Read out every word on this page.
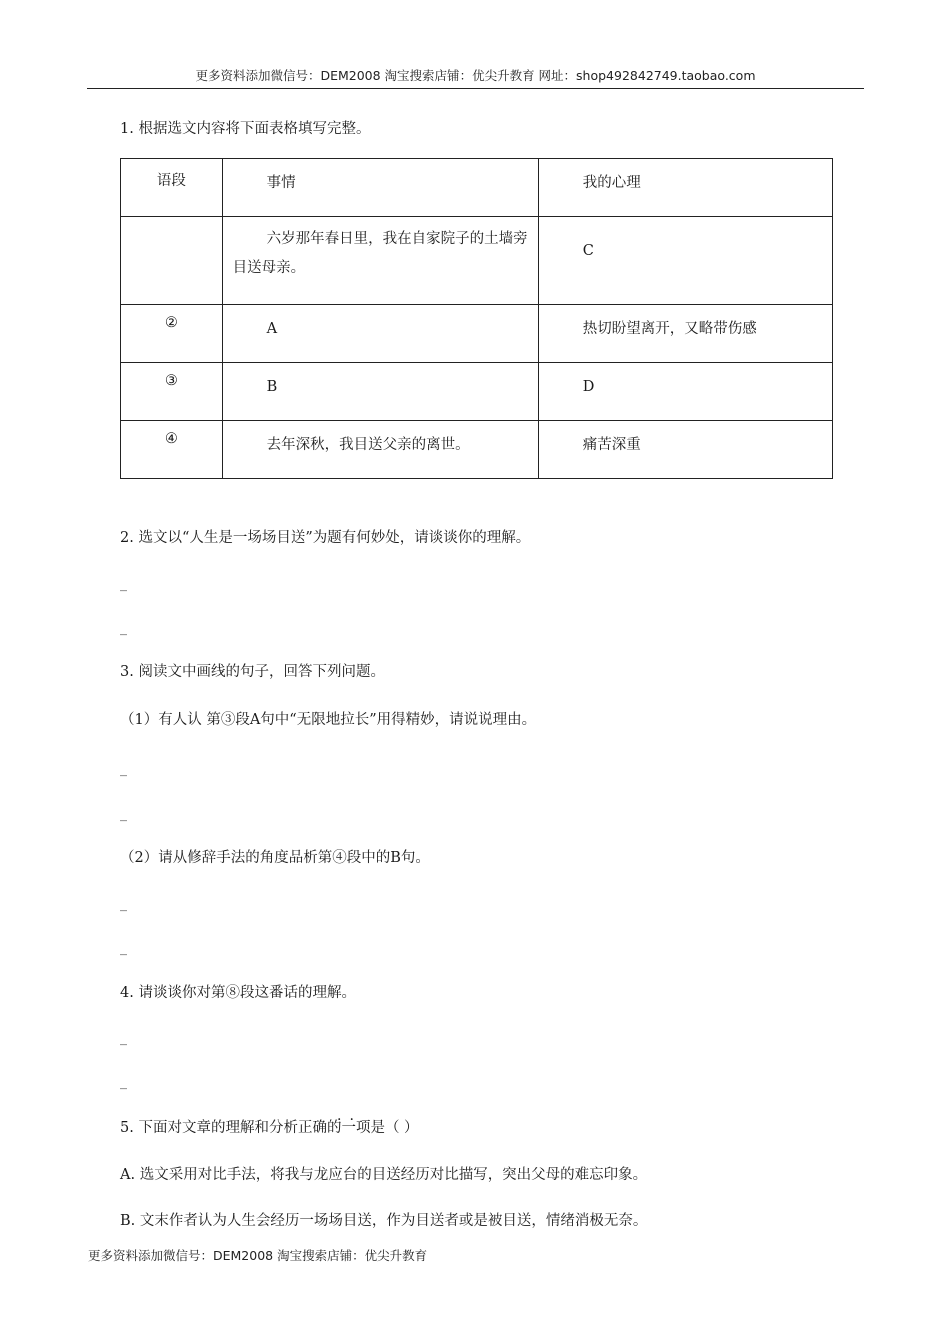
更多资料添加微信号：DEM2008 淘宝搜索店铺：优尖升教育 网址：shop492842749.taobao.com
1. 根据选文内容将下面表格填写完整。
语段	事情	我的心理

	六岁那年春日里，我在自家院子的土墙旁目送母亲。	C

②	A	热切盼望离开，又略带伤感

③	B	D

④	去年深秋，我目送父亲的离世。	痛苦深重
2. 选文以“人生是一场场目送”为题有何妙处，请谈谈你的理解。
_
_
3. 阅读文中画线的句子，回答下列问题。
（1）有人认 第③段A句中“无限地拉长”用得精妙，请说说理由。
_
_
（2）请从修辞手法的角度品析第④段中的B句。
_
_
4. 请谈谈你对第⑧段这番话的理解。
_
_
..
5. 下面对文章的理解和分析正确的一项是（ ）
A. 选文采用对比手法，将我与龙应台的目送经历对比描写，突出父母的难忘印象。
B. 文末作者认为人生会经历一场场目送，作为目送者或是被目送，情绪消极无奈。
更多资料添加微信号：DEM2008 淘宝搜索店铺：优尖升教育
